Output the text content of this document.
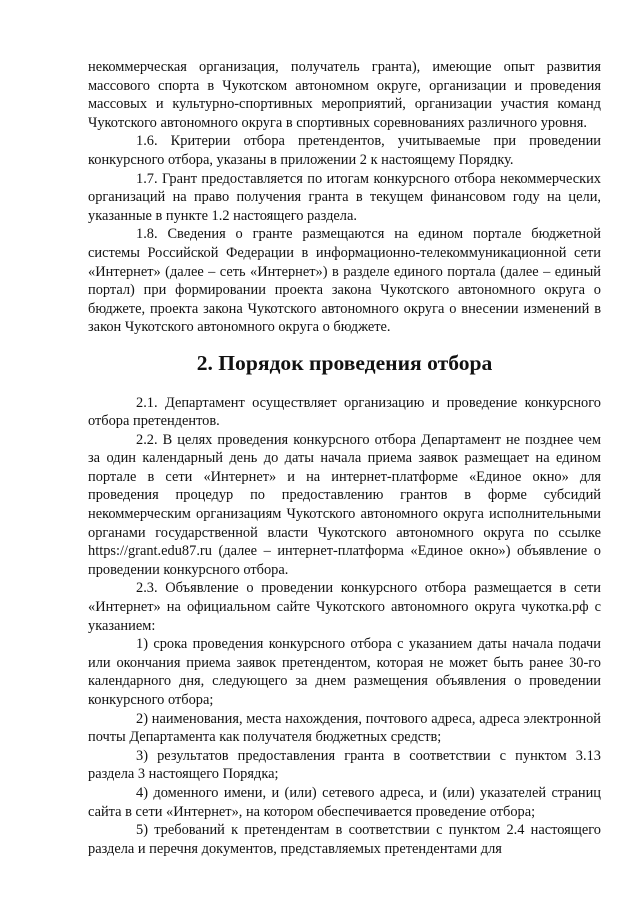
некоммерческая организация, получатель гранта), имеющие опыт развития массового спорта в Чукотском автономном округе, организации и проведения массовых и культурно-спортивных мероприятий, организации участия команд Чукотского автономного округа в спортивных соревнованиях различного уровня.

1.6. Критерии отбора претендентов, учитываемые при проведении конкурсного отбора, указаны в приложении 2 к настоящему Порядку.

1.7. Грант предоставляется по итогам конкурсного отбора некоммерческих организаций на право получения гранта в текущем финансовом году на цели, указанные в пункте 1.2 настоящего раздела.

1.8. Сведения о гранте размещаются на едином портале бюджетной системы Российской Федерации в информационно-телекоммуникационной сети «Интернет» (далее – сеть «Интернет») в разделе единого портала (далее – единый портал) при формировании проекта закона Чукотского автономного округа о бюджете, проекта закона Чукотского автономного округа о внесении изменений в закон Чукотского автономного округа о бюджете.

2. Порядок проведения отбора

2.1. Департамент осуществляет организацию и проведение конкурсного отбора претендентов.

2.2. В целях проведения конкурсного отбора Департамент не позднее чем за один календарный день до даты начала приема заявок размещает на едином портале в сети «Интернет» и на интернет-платформе «Единое окно» для проведения процедур по предоставлению грантов в форме субсидий некоммерческим организациям Чукотского автономного округа исполнительными органами государственной власти Чукотского автономного округа по ссылке https://grant.edu87.ru (далее – интернет-платформа «Единое окно») объявление о проведении конкурсного отбора.

2.3. Объявление о проведении конкурсного отбора размещается в сети «Интернет» на официальном сайте Чукотского автономного округа чукотка.рф с указанием:

1) срока проведения конкурсного отбора с указанием даты начала подачи или окончания приема заявок претендентом, которая не может быть ранее 30-го календарного дня, следующего за днем размещения объявления о проведении конкурсного отбора;

2) наименования, места нахождения, почтового адреса, адреса электронной почты Департамента как получателя бюджетных средств;

3) результатов предоставления гранта в соответствии с пунктом 3.13 раздела 3 настоящего Порядка;

4) доменного имени, и (или) сетевого адреса, и (или) указателей страниц сайта в сети «Интернет», на котором обеспечивается проведение отбора;

5) требований к претендентам в соответствии с пунктом 2.4 настоящего раздела и перечня документов, представляемых претендентами для
